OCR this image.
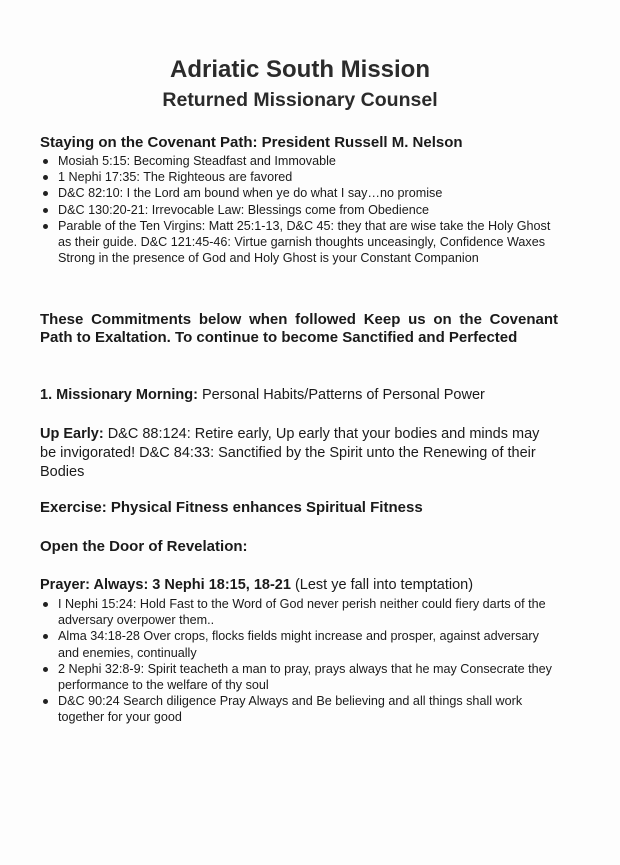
Adriatic South Mission
Returned Missionary Counsel

Staying on the Covenant Path: President Russell M. Nelson

Mosiah 5:15: Becoming Steadfast and Immovable
1 Nephi 17:35: The Righteous are favored
D&C 82:10: I the Lord am bound when ye do what I say…no promise
D&C 130:20-21: Irrevocable Law: Blessings come from Obedience
Parable of the Ten Virgins: Matt 25:1-13, D&C 45: they that are wise take the Holy Ghost as their guide. D&C 121:45-46: Virtue garnish thoughts unceasingly, Confidence Waxes Strong in the presence of God and Holy Ghost is your Constant Companion

These Commitments below when followed Keep us on the Covenant Path to Exaltation. To continue to become Sanctified and Perfected

1. Missionary Morning: Personal Habits/Patterns of Personal Power

Up Early: D&C 88:124: Retire early, Up early that your bodies and minds may be invigorated! D&C 84:33: Sanctified by the Spirit unto the Renewing of their Bodies

Exercise: Physical Fitness enhances Spiritual Fitness

Open the Door of Revelation:

Prayer: Always: 3 Nephi 18:15, 18-21 (Lest ye fall into temptation)

I Nephi 15:24: Hold Fast to the Word of God never perish neither could fiery darts of the adversary overpower them..
Alma 34:18-28 Over crops, flocks fields might increase and prosper, against adversary and enemies, continually
2 Nephi 32:8-9: Spirit teacheth a man to pray, prays always that he may Consecrate they performance to the welfare of thy soul
D&C 90:24 Search diligence Pray Always and Be believing and all things shall work together for your good
